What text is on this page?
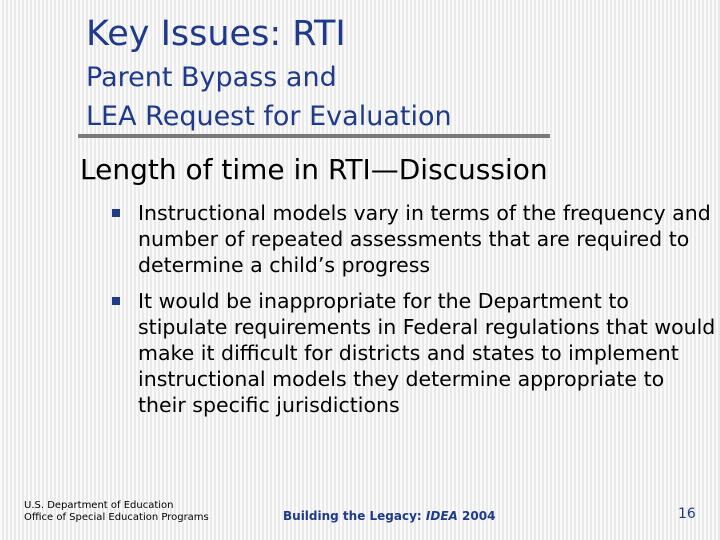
Key Issues: RTI
Parent Bypass and
LEA Request for Evaluation
Length of time in RTI—Discussion
Instructional models vary in terms of the frequency and number of repeated assessments that are required to determine a child’s progress
It would be inappropriate for the Department to stipulate requirements in Federal regulations that would make it difficult for districts and states to implement instructional models they determine appropriate to their specific jurisdictions
U.S. Department of Education
Office of Special Education Programs	Building the Legacy: IDEA 2004	16
